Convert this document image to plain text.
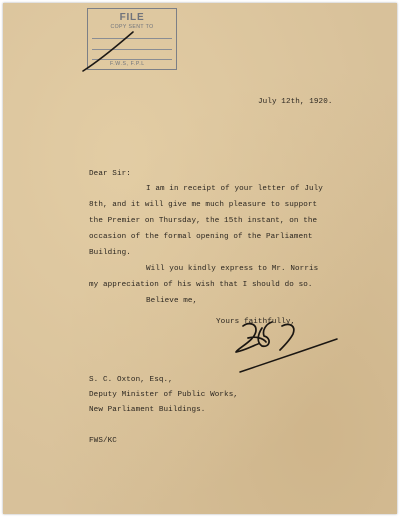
FILE
COPY SENT TO
F.W.S, F.P.L
July 12th, 1920.
Dear Sir:
I am in receipt of your letter of July
8th, and it will give me much pleasure to support
the Premier on Thursday, the 15th instant, on the
occasion of the formal opening of the Parliament
Building.
Will you kindly express to Mr. Norris
my appreciation of his wish that I should do so.
Believe me,
Yours faithfully,
S. C. Oxton, Esq.,
Deputy Minister of Public Works,
New Parliament Buildings.
FWS/KC
